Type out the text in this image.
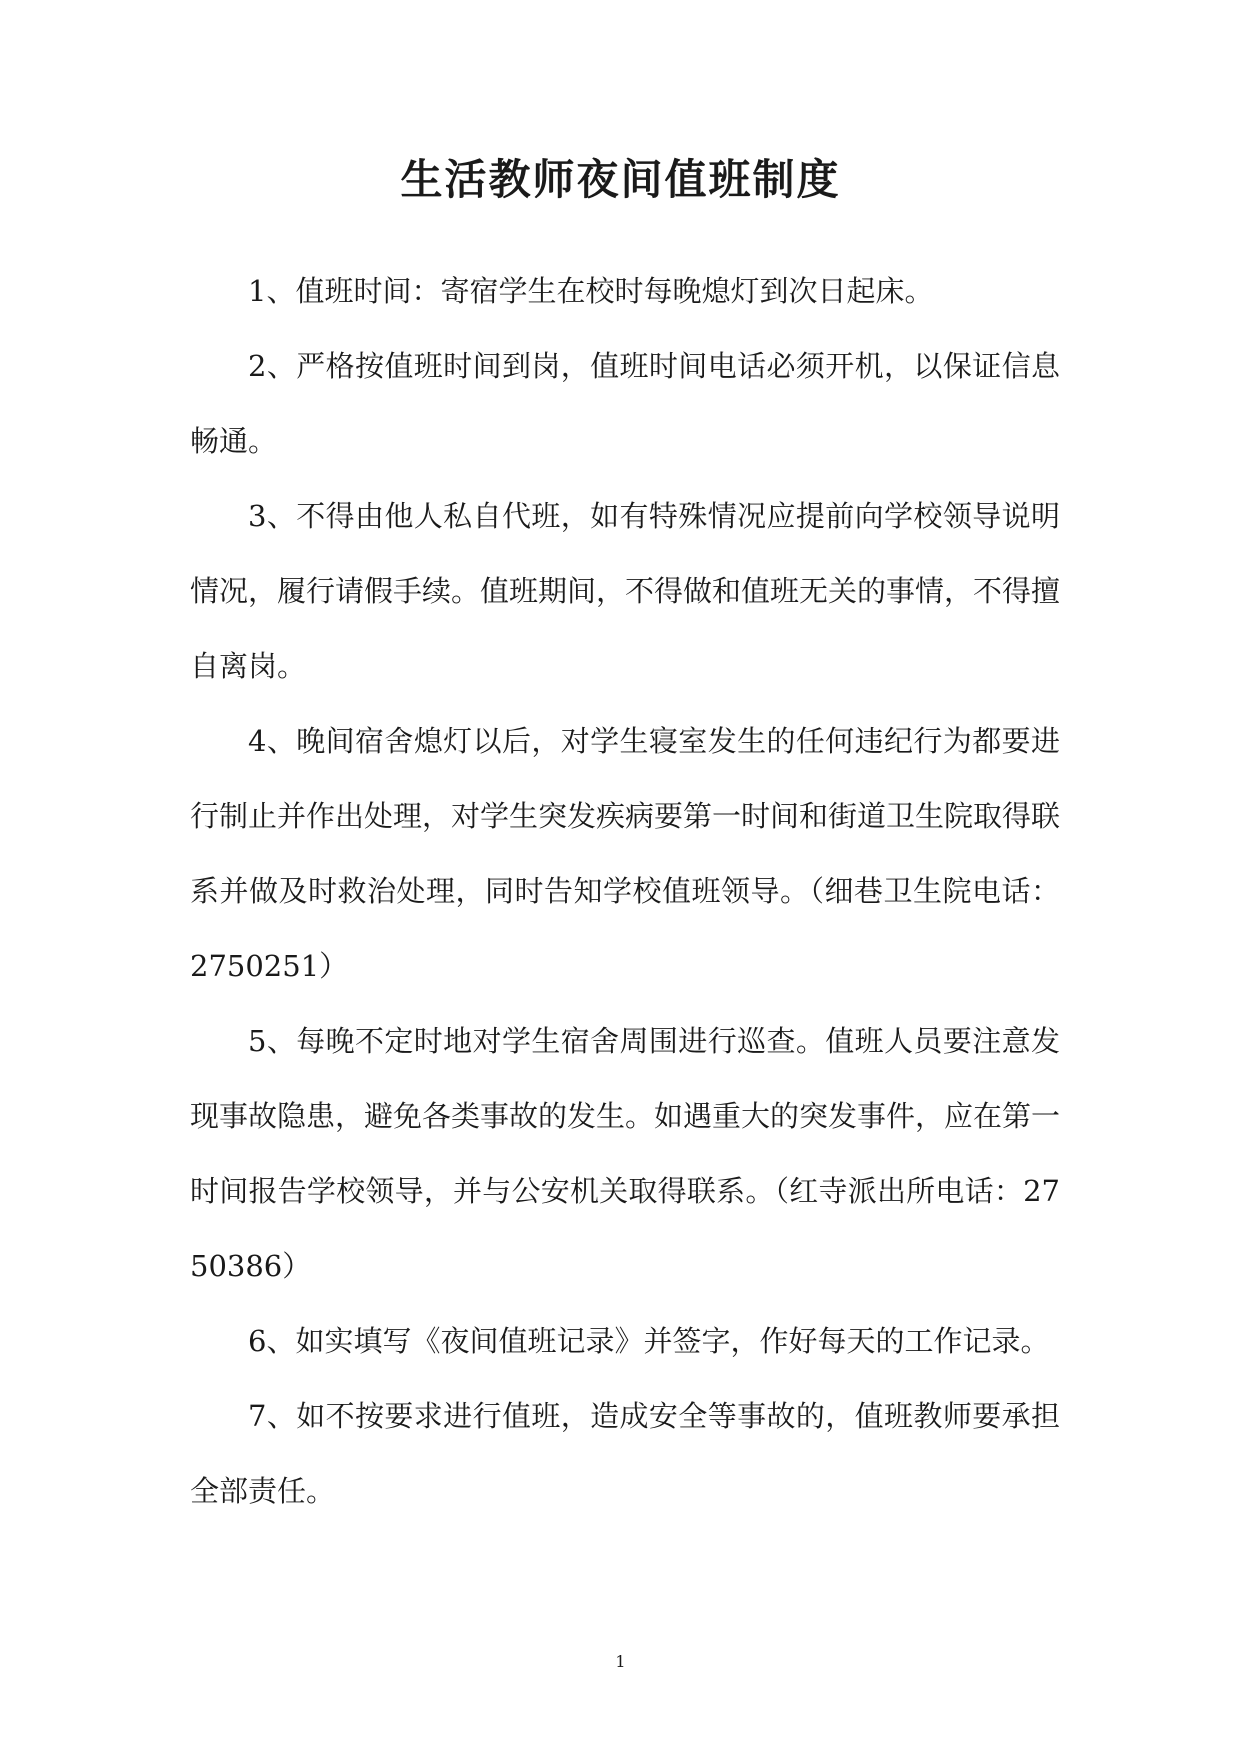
生活教师夜间值班制度

1、值班时间：寄宿学生在校时每晚熄灯到次日起床。

2、严格按值班时间到岗，值班时间电话必须开机，以保证信息畅通。

3、不得由他人私自代班，如有特殊情况应提前向学校领导说明情况，履行请假手续。值班期间，不得做和值班无关的事情，不得擅自离岗。

4、晚间宿舍熄灯以后，对学生寝室发生的任何违纪行为都要进行制止并作出处理，对学生突发疾病要第一时间和街道卫生院取得联系并做及时救治处理，同时告知学校值班领导。（细巷卫生院电话：2750251）

5、每晚不定时地对学生宿舍周围进行巡查。值班人员要注意发现事故隐患，避免各类事故的发生。如遇重大的突发事件，应在第一时间报告学校领导，并与公安机关取得联系。（红寺派出所电话：2750386）

6、如实填写《夜间值班记录》并签字，作好每天的工作记录。

7、如不按要求进行值班，造成安全等事故的，值班教师要承担全部责任。

1
